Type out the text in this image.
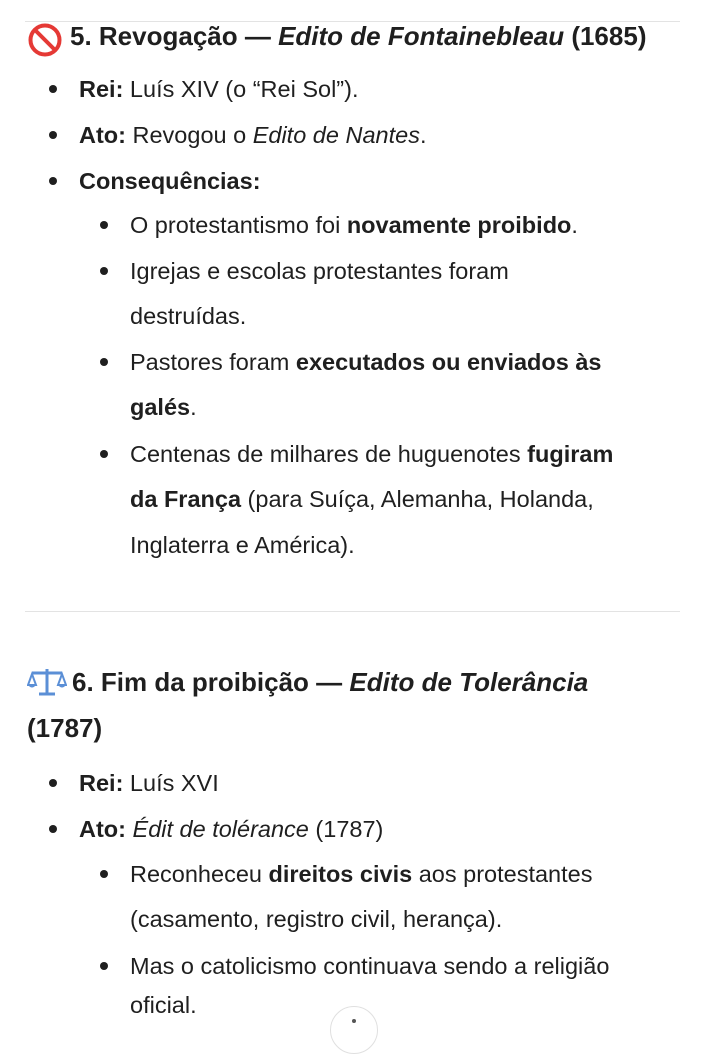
5. Revogação — Edito de Fontainebleau (1685)
Rei: Luís XIV (o “Rei Sol”).
Ato: Revogou o Edito de Nantes.
Consequências:
O protestantismo foi novamente proibido.
Igrejas e escolas protestantes foram
destruídas.
Pastores foram executados ou enviados às
galés.
Centenas de milhares de huguenotes fugiram
da França (para Suíça, Alemanha, Holanda,
Inglaterra e América).
6. Fim da proibição — Edito de Tolerância
(1787)
Rei: Luís XVI
Ato: Édit de tolérance (1787)
Reconheceu direitos civis aos protestantes
(casamento, registro civil, herança).
Mas o catolicismo continuava sendo a religião
oficial.
